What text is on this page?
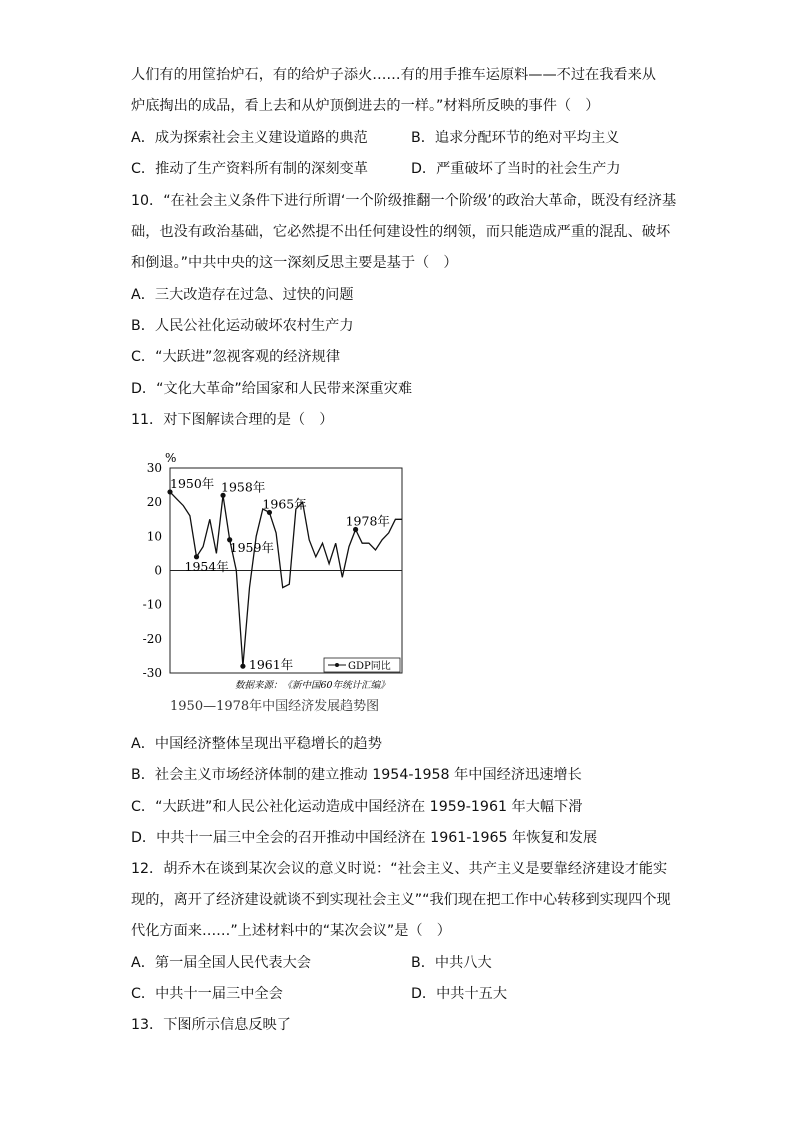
人们有的用筐抬炉石，有的给炉子添火……有的用手推车运原料——不过在我看来从
炉底掏出的成品，看上去和从炉顶倒进去的一样。”材料所反映的事件（　）
A．成为探索社会主义建设道路的典范	B．追求分配环节的绝对平均主义
C．推动了生产资料所有制的深刻变革	D．严重破坏了当时的社会生产力
10．“在社会主义条件下进行所谓‘一个阶级推翻一个阶级’的政治大革命，既没有经济基
础，也没有政治基础，它必然提不出任何建设性的纲领，而只能造成严重的混乱、破坏
和倒退。”中共中央的这一深刻反思主要是基于（　）
A．三大改造存在过急、过快的问题
B．人民公社化运动破坏农村生产力
C．“大跃进”忽视客观的经济规律
D．“文化大革命”给国家和人民带来深重灾难
11．对下图解读合理的是（　）
%
30
20
10
0
-10
-20
-30
1950年
1954年
1958年
1959年
1961年
1965年
1978年
GDP同比
数据来源：《新中国60年统计汇编》
1950—1978年中国经济发展趋势图
A．中国经济整体呈现出平稳增长的趋势
B．社会主义市场经济体制的建立推动 1954-1958 年中国经济迅速增长
C．“大跃进”和人民公社化运动造成中国经济在 1959-1961 年大幅下滑
D．中共十一届三中全会的召开推动中国经济在 1961-1965 年恢复和发展
12．胡乔木在谈到某次会议的意义时说：“社会主义、共产主义是要靠经济建设才能实
现的，离开了经济建设就谈不到实现社会主义”“我们现在把工作中心转移到实现四个现
代化方面来……”上述材料中的“某次会议”是（　）
A．第一届全国人民代表大会	B．中共八大
C．中共十一届三中全会	D．中共十五大
13．下图所示信息反映了
